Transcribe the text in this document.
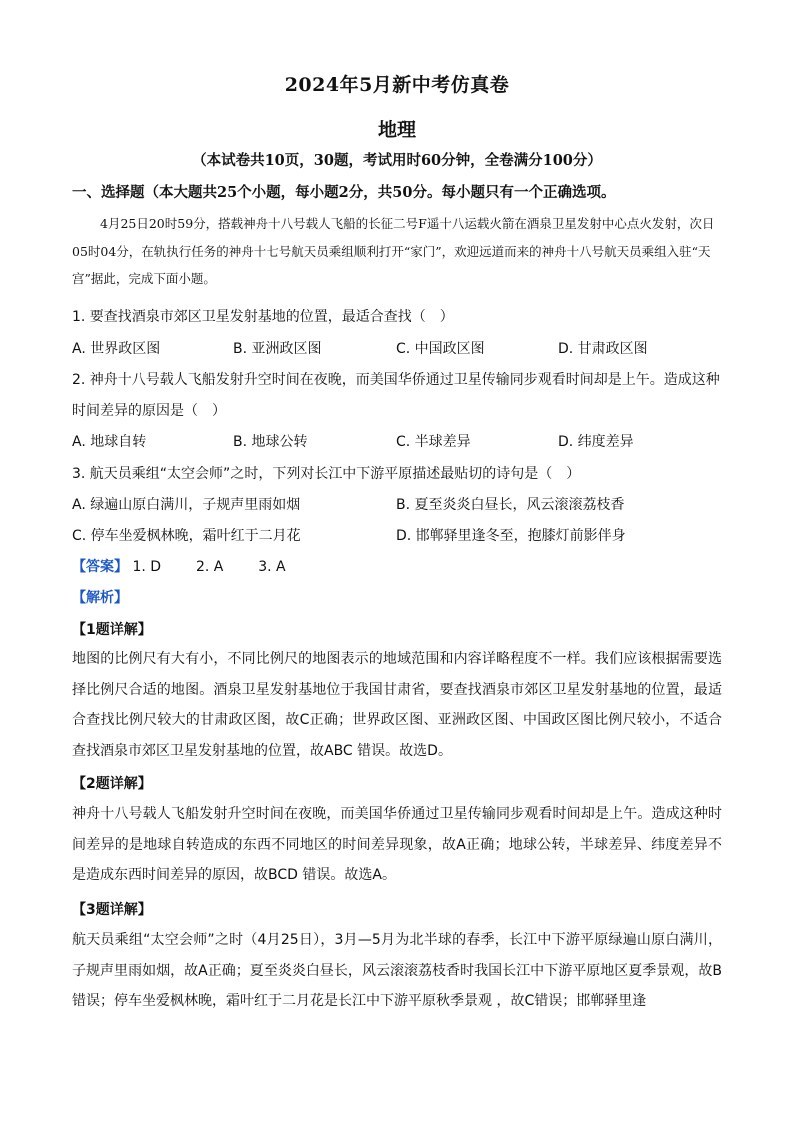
2024年5月新中考仿真卷
地理
（本试卷共10页，30题，考试用时60分钟，全卷满分100分）
一、选择题（本大题共25个小题，每小题2分，共50分。每小题只有一个正确选项。
4月25日20时59分，搭载神舟十八号载人飞船的长征二号F遥十八运载火箭在酒泉卫星发射中心点火发射，次日05时04分，在轨执行任务的神舟十七号航天员乘组顺利打开“家门”，欢迎远道而来的神舟十八号航天员乘组入驻“天宫”据此，完成下面小题。
1. 要查找酒泉市郊区卫星发射基地的位置，最适合查找（　）
A. 世界政区图	B. 亚洲政区图	C. 中国政区图	D. 甘肃政区图
2. 神舟十八号载人飞船发射升空时间在夜晚，而美国华侨通过卫星传输同步观看时间却是上午。造成这种
时间差异的原因是（　）
A. 地球自转	B. 地球公转	C. 半球差异	D. 纬度差异
3. 航天员乘组“太空会师”之时，下列对长江中下游平原描述最贴切的诗句是（　）
A. 绿遍山原白满川，子规声里雨如烟	B. 夏至炎炎白昼长，风云滚滚荔枝香
C. 停车坐爱枫林晚，霜叶红于二月花	D. 邯郸驿里逢冬至，抱膝灯前影伴身
【答案】 1. D 2. A 3. A
【解析】
【1题详解】
地图的比例尺有大有小，不同比例尺的地图表示的地域范围和内容详略程度不一样。我们应该根据需要选择比例尺合适的地图。酒泉卫星发射基地位于我国甘肃省，要查找酒泉市郊区卫星发射基地的位置，最适合查找比例尺较大的甘肃政区图，故C正确；世界政区图、亚洲政区图、中国政区图比例尺较小，不适合查找酒泉市郊区卫星发射基地的位置，故ABC 错误。故选D。
【2题详解】
神舟十八号载人飞船发射升空时间在夜晚，而美国华侨通过卫星传输同步观看时间却是上午。造成这种时间差异的是地球自转造成的东西不同地区的时间差异现象，故A正确；地球公转，半球差异、纬度差异不是造成东西时间差异的原因，故BCD 错误。故选A。
【3题详解】
航天员乘组“太空会师”之时（4月25日），3月—5月为北半球的春季，长江中下游平原绿遍山原白满川，子规声里雨如烟，故A正确；夏至炎炎白昼长，风云滚滚荔枝香时我国长江中下游平原地区夏季景观，故B错误；停车坐爱枫林晚，霜叶红于二月花是长江中下游平原秋季景观 ，故C错误；邯郸驿里逢
